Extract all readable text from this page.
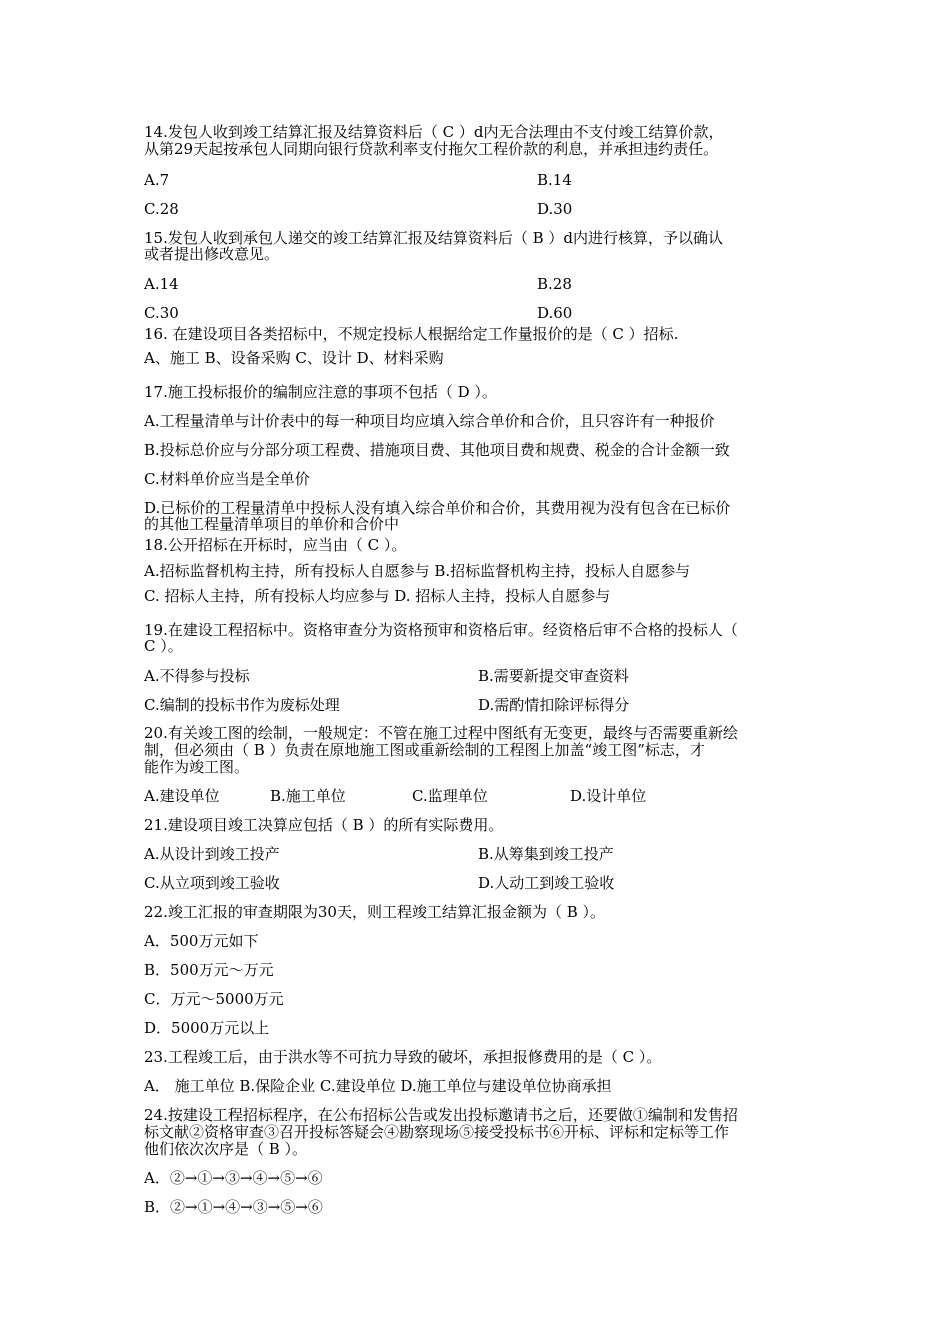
14.发包人收到竣工结算汇报及结算资料后（ C ）d内无合法理由不支付竣工结算价款，
从第29天起按承包人同期向银行贷款利率支付拖欠工程价款的利息，并承担违约责任。
A.7	B.14
C.28	D.30
15.发包人收到承包人递交的竣工结算汇报及结算资料后（ B ）d内进行核算，予以确认
或者提出修改意见。
A.14	B.28
C.30	D.60
16. 在建设项目各类招标中，不规定投标人根据给定工作量报价的是（ C ）招标.
A、施工 B、设备采购 C、设计 D、材料采购
17.施工投标报价的编制应注意的事项不包括（ D ）。
A.工程量清单与计价表中的每一种项目均应填入综合单价和合价，且只容许有一种报价
B.投标总价应与分部分项工程费、措施项目费、其他项目费和规费、税金的合计金额一致
C.材料单价应当是全单价
D.已标价的工程量清单中投标人没有填入综合单价和合价，其费用视为没有包含在已标价
的其他工程量清单项目的单价和合价中
18.公开招标在开标时，应当由（ C ）。
A.招标监督机构主持，所有投标人自愿参与 B.招标监督机构主持，投标人自愿参与
C. 招标人主持，所有投标人均应参与 D. 招标人主持，投标人自愿参与
19.在建设工程招标中。资格审查分为资格预审和资格后审。经资格后审不合格的投标人（
C ）。
A.不得参与投标	B.需要新提交审查资料
C.编制的投标书作为废标处理	D.需酌情扣除评标得分
20.有关竣工图的绘制，一般规定：不管在施工过程中图纸有无变更，最终与否需要重新绘
制，但必须由（ B ）负责在原地施工图或重新绘制的工程图上加盖“竣工图”标志，才
能作为竣工图。
A.建设单位	B.施工单位	C.监理单位	D.设计单位
21.建设项目竣工决算应包括（ B ）的所有实际费用。
A.从设计到竣工投产	B.从筹集到竣工投产
C.从立项到竣工验收	D.人动工到竣工验收
22.竣工汇报的审查期限为30天，则工程竣工结算汇报金额为（ B ）。
A．500万元如下
B．500万元～万元
C．万元～5000万元
D．5000万元以上
23.工程竣工后，由于洪水等不可抗力导致的破坏，承担报修费用的是（ C ）。
A． 施工单位 B.保险企业 C.建设单位 D.施工单位与建设单位协商承担
24.按建设工程招标程序，在公布招标公告或发出投标邀请书之后，还要做①编制和发售招
标文献②资格审查③召开投标答疑会④勘察现场⑤接受投标书⑥开标、评标和定标等工作
他们依次次序是（ B ）。
A．②→①→③→④→⑤→⑥
B．②→①→④→③→⑤→⑥
